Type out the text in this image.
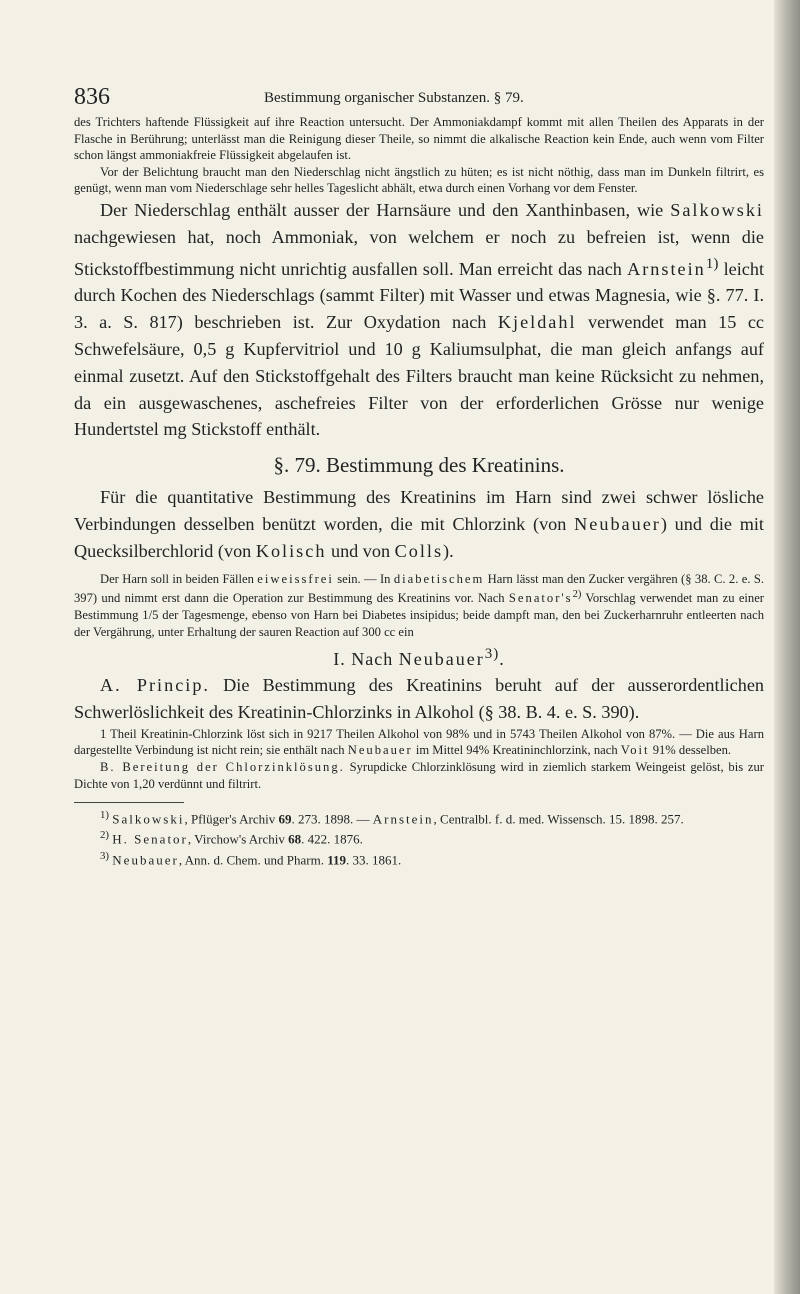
836	Bestimmung organischer Substanzen. § 79.

des Trichters haftende Flüssigkeit auf ihre Reaction untersucht. Der Ammoniakdampf kommt mit allen Theilen des Apparats in der Flasche in Berührung; unterlässt man die Reinigung dieser Theile, so nimmt die alkalische Reaction kein Ende, auch wenn vom Filter schon längst ammoniakfreie Flüssigkeit abgelaufen ist.

Vor der Belichtung braucht man den Niederschlag nicht ängstlich zu hüten; es ist nicht nöthig, dass man im Dunkeln filtrirt, es genügt, wenn man vom Niederschlage sehr helles Tageslicht abhält, etwa durch einen Vorhang vor dem Fenster.

Der Niederschlag enthält ausser der Harnsäure und den Xanthinbasen, wie Salkowski nachgewiesen hat, noch Ammoniak, von welchem er noch zu befreien ist, wenn die Stickstoffbestimmung nicht unrichtig ausfallen soll. Man erreicht das nach Arnstein$^{1)}$ leicht durch Kochen des Niederschlags (sammt Filter) mit Wasser und etwas Magnesia, wie §. 77. I. 3. a. S. 817) beschrieben ist. Zur Oxydation nach Kjeldahl verwendet man 15 cc Schwefelsäure, 0,5 g Kupfervitriol und 10 g Kaliumsulphat, die man gleich anfangs auf einmal zusetzt. Auf den Stickstoffgehalt des Filters braucht man keine Rücksicht zu nehmen, da ein ausgewaschenes, aschefreies Filter von der erforderlichen Grösse nur wenige Hundertstel mg Stickstoff enthält.

§. 79. Bestimmung des Kreatinins.

Für die quantitative Bestimmung des Kreatinins im Harn sind zwei schwer lösliche Verbindungen desselben benützt worden, die mit Chlorzink (von Neubauer) und die mit Quecksilberchlorid (von Kolisch und von Colls).

Der Harn soll in beiden Fällen eiweissfrei sein. — In diabetischem Harn lässt man den Zucker vergähren (§ 38. C. 2. e. S. 397) und nimmt erst dann die Operation zur Bestimmung des Kreatinins vor. Nach $Senator's^{2)}$ Vorschlag verwendet man zu einer Bestimmung 1/5 der Tagesmenge, ebenso von Harn bei Diabetes insipidus; beide dampft man, den bei Zuckerharnruhr entleerten nach der Vergährung, unter Erhaltung der sauren Reaction auf 300 cc ein

I. Nach Neubauer$^{3)}$.

A. Princip. Die Bestimmung des Kreatinins beruht auf der ausserordentlichen Schwerlöslichkeit des Kreatinin-Chlorzinks in Alkohol (§ 38. B. 4. e. S. 390).

1 Theil Kreatinin-Chlorzink löst sich in 9217 Theilen Alkohol von 98% und in 5743 Theilen Alkohol von 87%. — Die aus Harn dargestellte Verbindung ist nicht rein; sie enthält nach Neubauer im Mittel 94% Kreatininchlorzink, nach Voit 91% desselben.

B. Bereitung der Chlorzinklösung. Syrupdicke Chlorzinklösung wird in ziemlich starkem Weingeist gelöst, bis zur Dichte von 1,20 verdünnt und filtrirt.

$^{1)}$ Salkowski, Pflüger's Archiv 69. 273. 1898. — Arnstein, Centralbl. f. d. med. Wissensch. 15. 1898. 257.

$^{2)}$ H. Senator, Virchow's Archiv 68. 422. 1876.

$^{3)}$ Neubauer, Ann. d. Chem. und Pharm. 119. 33. 1861.
